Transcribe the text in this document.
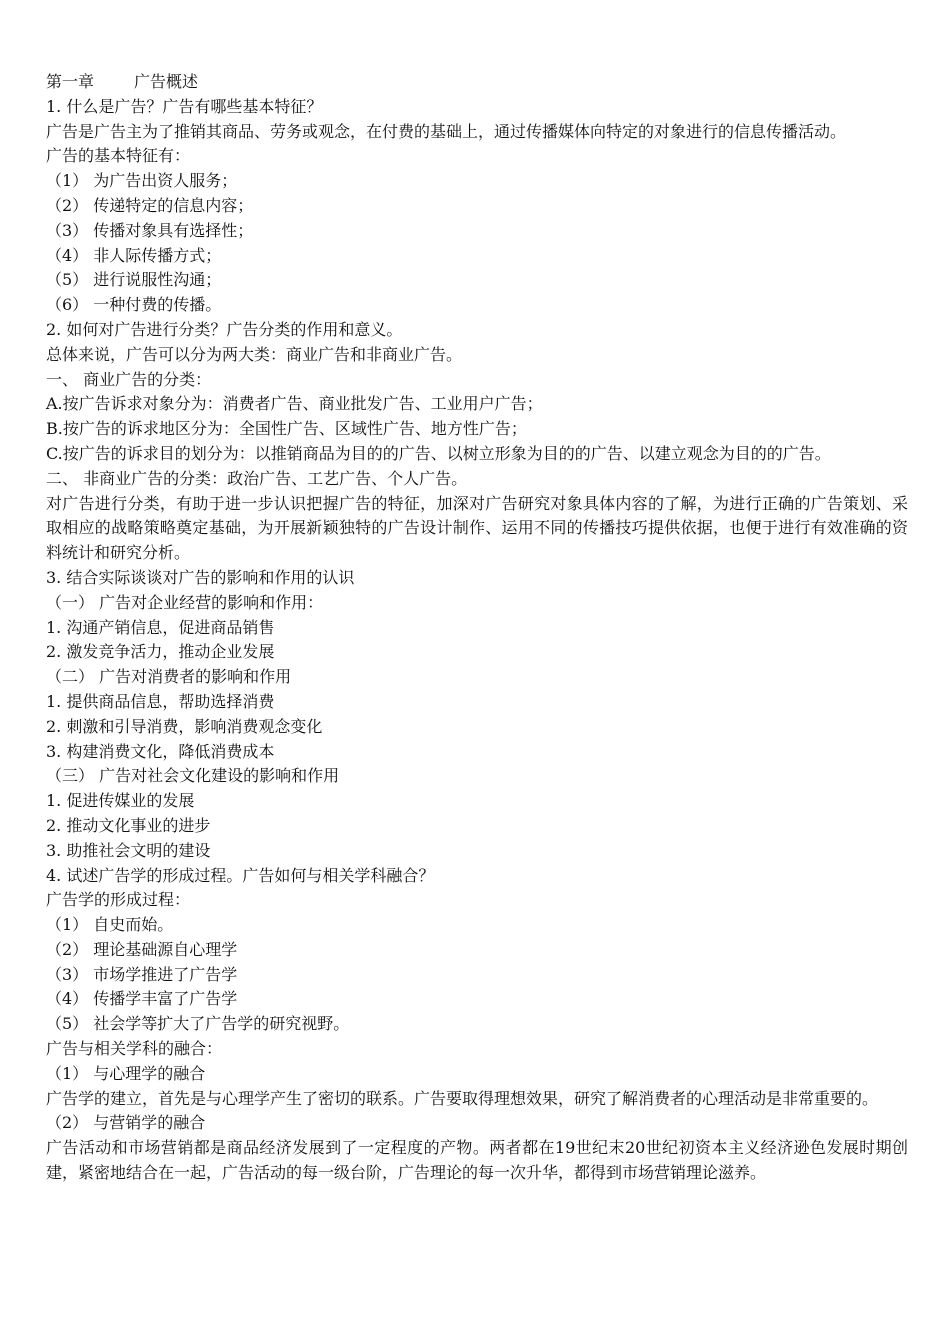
第一章	广告概述

1. 什么是广告？广告有哪些基本特征？

广告是广告主为了推销其商品、劳务或观念，在付费的基础上，通过传播媒体向特定的对象进行的信息传播活动。

广告的基本特征有：

（1） 为广告出资人服务；

（2） 传递特定的信息内容；

（3） 传播对象具有选择性；

（4） 非人际传播方式；

（5） 进行说服性沟通；

（6） 一种付费的传播。

2. 如何对广告进行分类？广告分类的作用和意义。

总体来说，广告可以分为两大类：商业广告和非商业广告。

一、 商业广告的分类：

A.按广告诉求对象分为：消费者广告、商业批发广告、工业用户广告；

B.按广告的诉求地区分为：全国性广告、区域性广告、地方性广告；

C.按广告的诉求目的划分为：以推销商品为目的的广告、以树立形象为目的的广告、以建立观念为目的的广告。

二、 非商业广告的分类：政治广告、工艺广告、个人广告。

对广告进行分类，有助于进一步认识把握广告的特征，加深对广告研究对象具体内容的了解，为进行正确的广告策划、采取相应的战略策略奠定基础，为开展新颖独特的广告设计制作、运用不同的传播技巧提供依据，也便于进行有效准确的资料统计和研究分析。

3. 结合实际谈谈对广告的影响和作用的认识

（一） 广告对企业经营的影响和作用：

1. 沟通产销信息，促进商品销售

2. 激发竞争活力，推动企业发展

（二） 广告对消费者的影响和作用

1. 提供商品信息，帮助选择消费

2. 刺激和引导消费，影响消费观念变化

3. 构建消费文化，降低消费成本

（三） 广告对社会文化建设的影响和作用

1. 促进传媒业的发展

2. 推动文化事业的进步

3. 助推社会文明的建设

4. 试述广告学的形成过程。广告如何与相关学科融合？

广告学的形成过程：

（1） 自史而始。

（2） 理论基础源自心理学

（3） 市场学推进了广告学

（4） 传播学丰富了广告学

（5） 社会学等扩大了广告学的研究视野。

广告与相关学科的融合：

（1） 与心理学的融合

广告学的建立，首先是与心理学产生了密切的联系。广告要取得理想效果，研究了解消费者的心理活动是非常重要的。

（2） 与营销学的融合

广告活动和市场营销都是商品经济发展到了一定程度的产物。两者都在19世纪末20世纪初资本主义经济逊色发展时期创建，紧密地结合在一起，广告活动的每一级台阶，广告理论的每一次升华，都得到市场营销理论滋养。
